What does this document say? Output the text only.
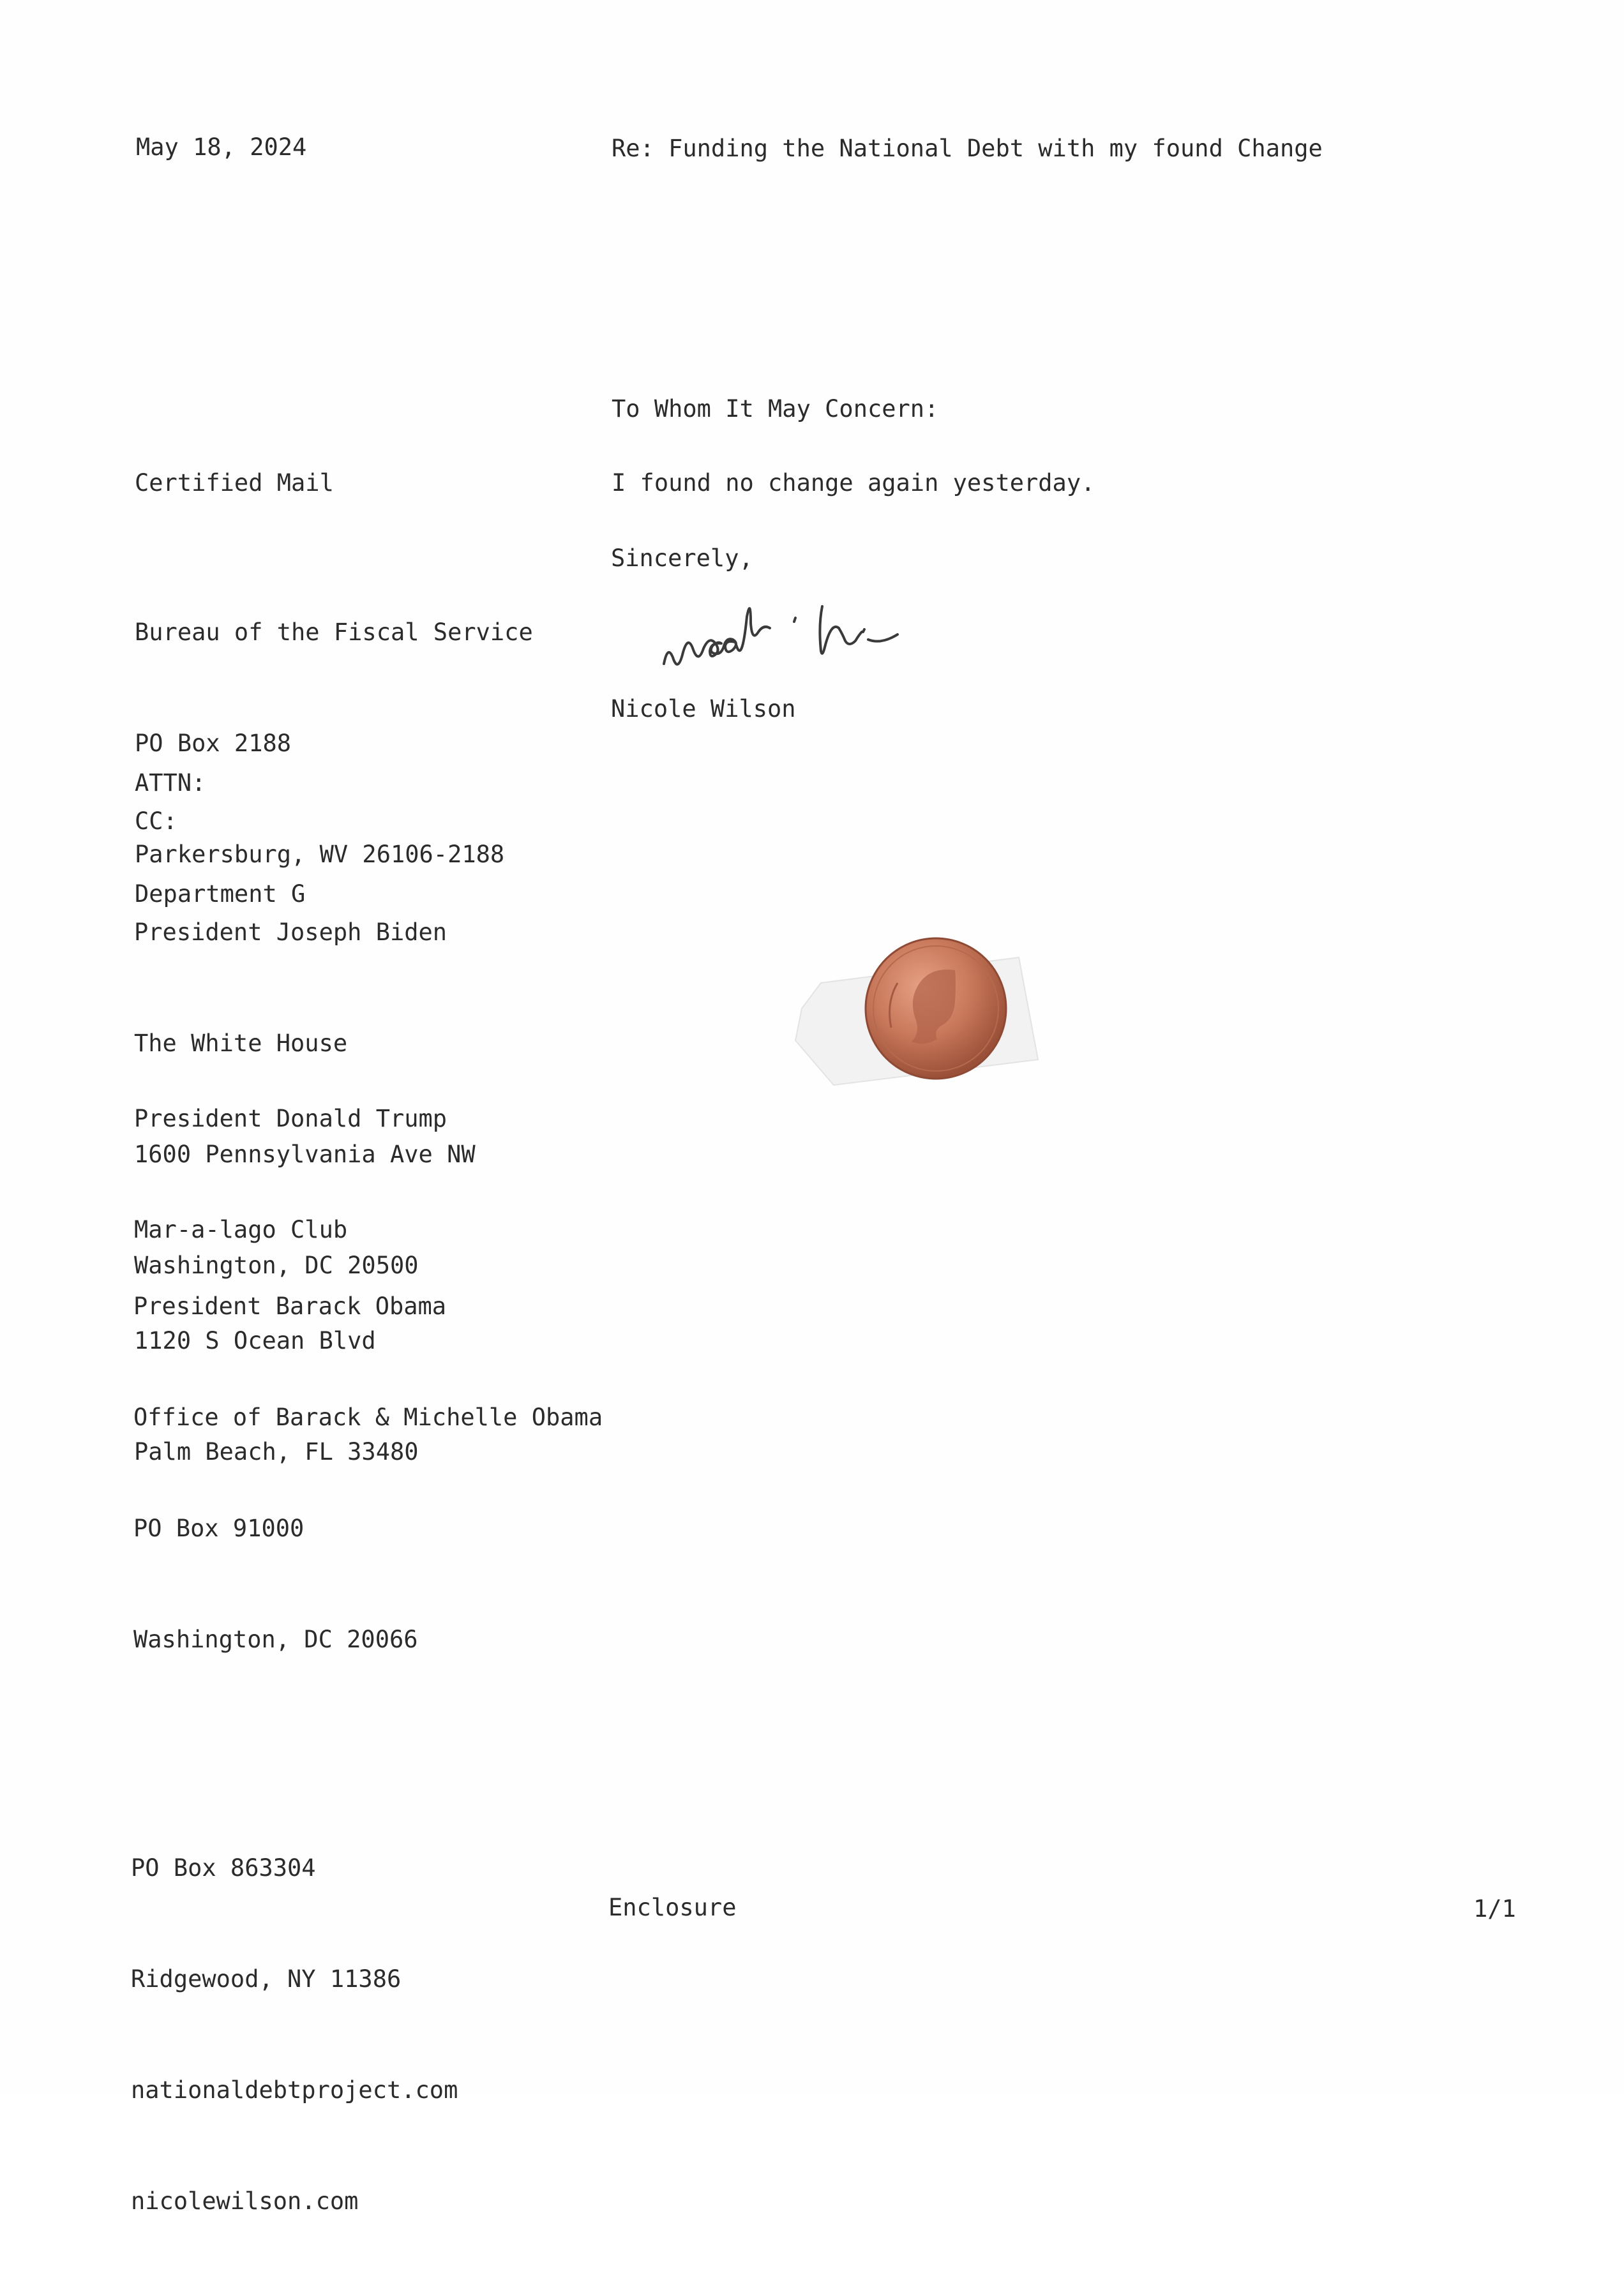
May 18, 2024	Re: Funding the National Debt with my found Change
To Whom It May Concern:
I found no change again yesterday.
Sincerely,
Nicole Wilson
Certified Mail

Bureau of the Fiscal Service

PO Box 2188

Parkersburg, WV 26106-2188

ATTN:

Department G

CC:

President Joseph Biden

The White House

1600 Pennsylvania Ave NW

Washington, DC 20500

President Donald Trump

Mar-a-lago Club

1120 S Ocean Blvd

Palm Beach, FL 33480

President Barack Obama

Office of Barack & Michelle Obama

PO Box 91000

Washington, DC 20066

PO Box 863304

Ridgewood, NY 11386

nationaldebtproject.com

nicolewilson.com

Enclosure	1/1
